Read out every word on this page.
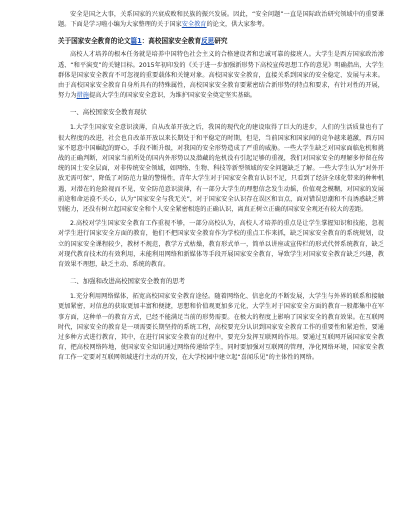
安全是国之大事，关系国家的兴衰成败和民族的振兴发展。因此，“安全问题”一直是国际政治研究领域中的重要课题。下面是学习啦小编为大家整理的关于国家安全教育的论文，供大家参考。

关于国家安全教育的论文篇1：高校国家安全教育反思研究

高校人才培养的根本任务就是培养中国特色社会主义的合格建设者和忠诚可靠的接班人。大学生是西方国家政治渗透、“和平演变”的关键目标。2015年初印发的《关于进一步加强新形势下高校宣传思想工作的意见》明确指出，大学生群体是国家安全教育不可忽视的重要载体和关键对象。高校国家安全教育，直接关系到国家的安全稳定、发展与未来。由于高校国家安全教育自身所具有的特殊属性，高校国家安全教育要紧密结合新形势的特点和要求，有针对性的开展，努力为措施提高大学生的国家安全意识，为维护国家安全奠定坚实基础。

一、高校国家安全教育现状

1.大学生国家安全意识淡薄，自从改革开放之后，我国的现代化的建设取得了巨大的进步，人们的生活质量也有了很大程度的改进，社会也自改革开放以来长期处于和平稳定的时期，但是，当前国家和国家间的竞争越来越激，西方国家不愿意中国崛起的野心，手段不断升级，对我国的安全形势造成了严重的威胁。一些大学生缺乏对国家面临危机和挑战的正确判断，对国家当前所处的国内外形势以及潜藏的危机没有引起足够的重视，我们对国家安全的理解多停留在传统的国土安全层面，对非传统安全领域，如网络、生物、科技等新型领域的安全问题缺乏了解。一些大学生认为“对外开放无需可保”，降低了对防范力量的警惕性，青年大学生对于国家安全教育认识不足，只看到了经济全球化带来的种种机遇，对潜在的危险视而不见，安全防范意识淡薄，有一部分大学生的理想信念发生动摇，价值观念模糊，对国家的发展前途和命运漠不关心，认为“国家安全与我无关”，对于国家安全认识存在误区和盲点，面对错误思潮和不良诱惑缺乏辨别能力，还没有树立起国家安全和个人安全紧密相连的正确认识，离真正树立正确的国家安全观还有较大的差距。

2.高校对学生国家安全教育工作重视不够，一部分高校认为，高校人才培养的重点是让学生掌握知识和技能，忽视对学生进行国家安全方面的教育，他们不把国家安全教育作为学校的重点工作来抓，缺乏国家安全教育的系统规划，设立的国家安全课程较少，教材不规范，教学方式枯燥，教育形式单一，简单以讲座或宣传栏的形式代替系统教育，缺乏对现代教育技术的有效利用，未能利用网络和新媒体等手段开展国家安全教育，导致学生对国家安全教育缺乏兴趣，教育效果不理想，缺乏主动、系统的教育。

二、加强和改进高校国家安全教育的思考

1.充分利用网络媒体，拓宽高校国家安全教育途径。随着网络化、信息化的不断发展，大学生与外界的联系和接触更加紧密，对信息的获取更加丰富和便捷，思想和价值观更加多元化，大学生对于国家安全方面的教育一般都集中在军事方面，这种单一的教育方式，已经不能满足当前的形势需要。在极大的程度上影响了国家安全的教育效果。在互联网时代，国家安全的教育是一项需要长期坚持的系统工程，高校要充分认识到国家安全教育工作的重要性和紧迫性，要通过多种方式进行教育，其中，在进行国家安全教育的过程中，要充分发挥互联网的作用。要通过互联网开展国家安全教育，把高校网络阵地，使国家安全知识通过网络传递给学生，同时要加强对互联网的管理，净化网络环境，国家安全教育工作一定要对互联网领域进行主动的开发，在大学校园中建立起“喜闻乐见”的主体性的网络。
